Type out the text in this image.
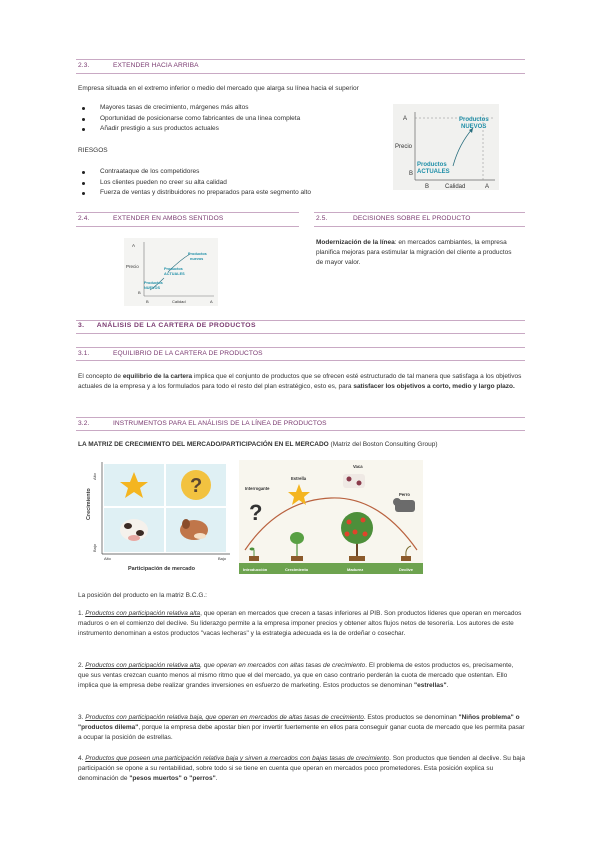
2.3.	EXTENDER HACIA ARRIBA
Empresa situada en el extremo inferior o medio del mercado que alarga su línea hacia el superior
Mayores tasas de crecimiento, márgenes más altos
Oportunidad de posicionarse como fabricantes de una línea completa
Añadir prestigio a sus productos actuales
RIESGOS
Contraataque de los competidores
Los clientes pueden no creer su alta calidad
Fuerza de ventas y distribuidores no preparados para este segmento alto
A
Precio
Productos
NUEVOS
Productos
ACTUALES
B
B	Calidad	A
2.4.	EXTENDER EN AMBOS SENTIDOS	2.5.	DECISIONES SOBRE EL PRODUCTO
A
Precio
Productos
nuevos
Productos
ACTUALES
Productos
NUEVOS
B
B	Calidad	A
Modernización de la línea: en mercados cambiantes, la empresa planifica mejoras para estimular la migración del cliente a productos de mayor valor.
3. ANÁLISIS DE LA CARTERA DE PRODUCTOS
3.1.	EQUILIBRIO DE LA CARTERA DE PRODUCTOS
El concepto de equilibrio de la cartera implica que el conjunto de productos que se ofrecen esté estructurado de tal manera que satisfaga a los objetivos actuales de la empresa y a los formulados para todo el resto del plan estratégico, esto es, para satisfacer los objetivos a corto, medio y largo plazo.
3.2.	INSTRUMENTOS PARA EL ANÁLISIS DE LA LÍNEA DE PRODUCTOS
LA MATRIZ DE CRECIMIENTO DEL MERCADO/PARTICIPACIÓN EN EL MERCADO (Matriz del Boston Consulting Group)
?
Crecimiento
Alto
Bajo
Alto	Bajo
Participación de mercado	Introducción	Crecimiento	Madurez	Declive
Interrogante
?
Estrella
Vaca
Perro
La posición del producto en la matriz B.C.G.:
1. Productos con participación relativa alta, que operan en mercados que crecen a tasas inferiores al PIB. Son productos líderes que operan en mercados maduros o en el comienzo del declive. Su liderazgo permite a la empresa imponer precios y obtener altos flujos netos de tesorería. Los autores de este instrumento denominan a estos productos "vacas lecheras" y la estrategia adecuada es la de ordeñar o cosechar.
2. Productos con participación relativa alta, que operan en mercados con altas tasas de crecimiento. El problema de estos productos es, precisamente, que sus ventas crezcan cuanto menos al mismo ritmo que el del mercado, ya que en caso contrario perderán la cuota de mercado que ostentan. Ello implica que la empresa debe realizar grandes inversiones en esfuerzo de marketing. Estos productos se denominan "estrellas".
3. Productos con participación relativa baja, que operan en mercados de altas tasas de crecimiento. Estos productos se denominan "Niños problema" o "productos dilema", porque la empresa debe apostar bien por invertir fuertemente en ellos para conseguir ganar cuota de mercado que les permita pasar a ocupar la posición de estrellas.
4. Productos que poseen una participación relativa baja y sirven a mercados con bajas tasas de crecimiento. Son productos que tienden al declive. Su baja participación se opone a su rentabilidad, sobre todo si se tiene en cuenta que operan en mercados poco prometedores. Esta posición explica su denominación de "pesos muertos" o "perros".
